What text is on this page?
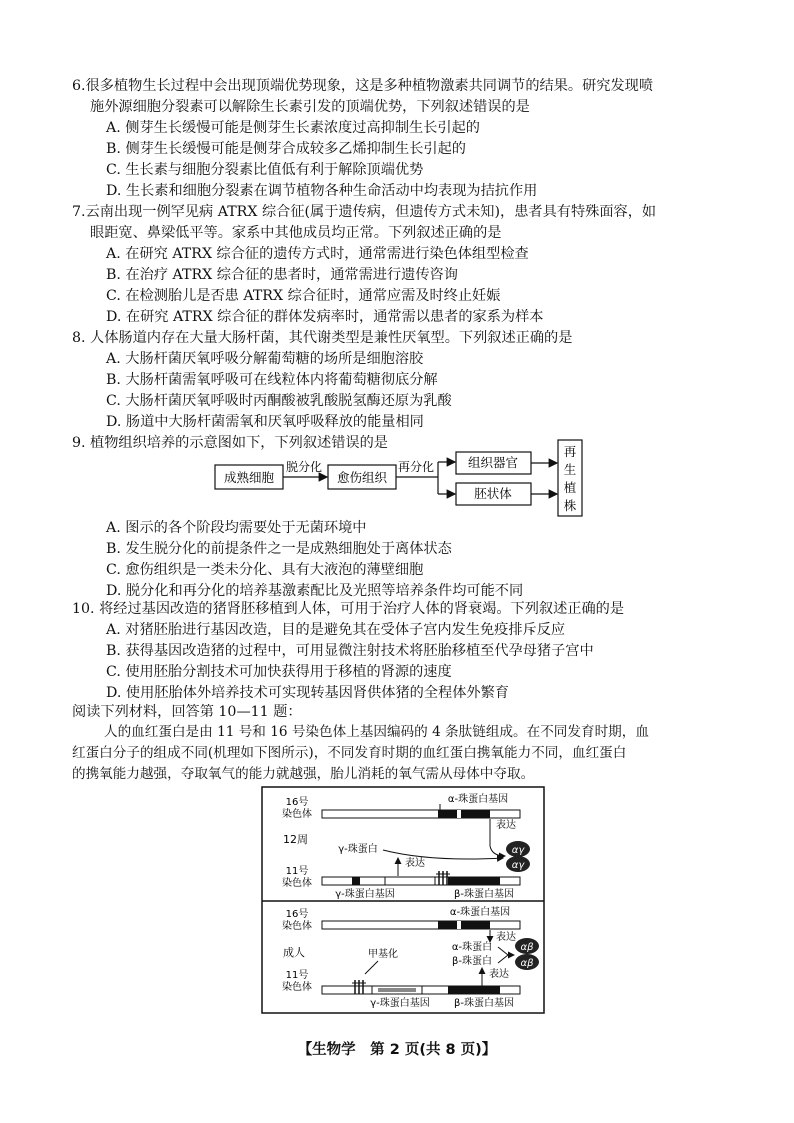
6.很多植物生长过程中会出现顶端优势现象，这是多种植物激素共同调节的结果。研究发现喷
施外源细胞分裂素可以解除生长素引发的顶端优势，下列叙述错误的是
A. 侧芽生长缓慢可能是侧芽生长素浓度过高抑制生长引起的
B. 侧芽生长缓慢可能是侧芽合成较多乙烯抑制生长引起的
C. 生长素与细胞分裂素比值低有利于解除顶端优势
D. 生长素和细胞分裂素在调节植物各种生命活动中均表现为拮抗作用
7.云南出现一例罕见病 ATRX 综合征(属于遗传病，但遗传方式未知)，患者具有特殊面容，如
眼距宽、鼻梁低平等。家系中其他成员均正常。下列叙述正确的是
A. 在研究 ATRX 综合征的遗传方式时，通常需进行染色体组型检查
B. 在治疗 ATRX 综合征的患者时，通常需进行遗传咨询
C. 在检测胎儿是否患 ATRX 综合征时，通常应需及时终止妊娠
D. 在研究 ATRX 综合征的群体发病率时，通常需以患者的家系为样本
8. 人体肠道内存在大量大肠杆菌，其代谢类型是兼性厌氧型。下列叙述正确的是
A. 大肠杆菌厌氧呼吸分解葡萄糖的场所是细胞溶胶
B. 大肠杆菌需氧呼吸可在线粒体内将葡萄糖彻底分解
C. 大肠杆菌厌氧呼吸时丙酮酸被乳酸脱氢酶还原为乳酸
D. 肠道中大肠杆菌需氧和厌氧呼吸释放的能量相同
9. 植物组织培养的示意图如下，下列叙述错误的是
成熟细胞
脱分化
愈伤组织
再分化	组织器官
胚状体
再
生
植
株
A. 图示的各个阶段均需要处于无菌环境中
B. 发生脱分化的前提条件之一是成熟细胞处于离体状态
C. 愈伤组织是一类未分化、具有大液泡的薄壁细胞
D. 脱分化和再分化的培养基激素配比及光照等培养条件均可能不同
10. 将经过基因改造的猪肾胚移植到人体，可用于治疗人体的肾衰竭。下列叙述正确的是
A. 对猪胚胎进行基因改造，目的是避免其在受体子宫内发生免疫排斥反应
B. 获得基因改造猪的过程中，可用显微注射技术将胚胎移植至代孕母猪子宫中
C. 使用胚胎分割技术可加快获得用于移植的肾源的速度
D. 使用胚胎体外培养技术可实现转基因肾供体猪的全程体外繁育
阅读下列材料，回答第 10—11 题：
人的血红蛋白是由 11 号和 16 号染色体上基因编码的 4 条肽链组成。在不同发育时期，血
红蛋白分子的组成不同(机理如下图所示)，不同发育时期的血红蛋白携氧能力不同，血红蛋白
的携氧能力越强，夺取氧气的能力就越强，胎儿消耗的氧气需从母体中夺取。
16号
染色体
α-珠蛋白基因
表达
12周
γ-珠蛋白	αγ
αγ
表达
11号
染色体
γ-珠蛋白基因	β-珠蛋白基因
16号
染色体
α-珠蛋白基因
表达
成人	甲基化
α-珠蛋白
β-珠蛋白
αβ
αβ
表达
11号
染色体
γ-珠蛋白基因 β-珠蛋白基因
【生物学　第 2 页(共 8 页)】
